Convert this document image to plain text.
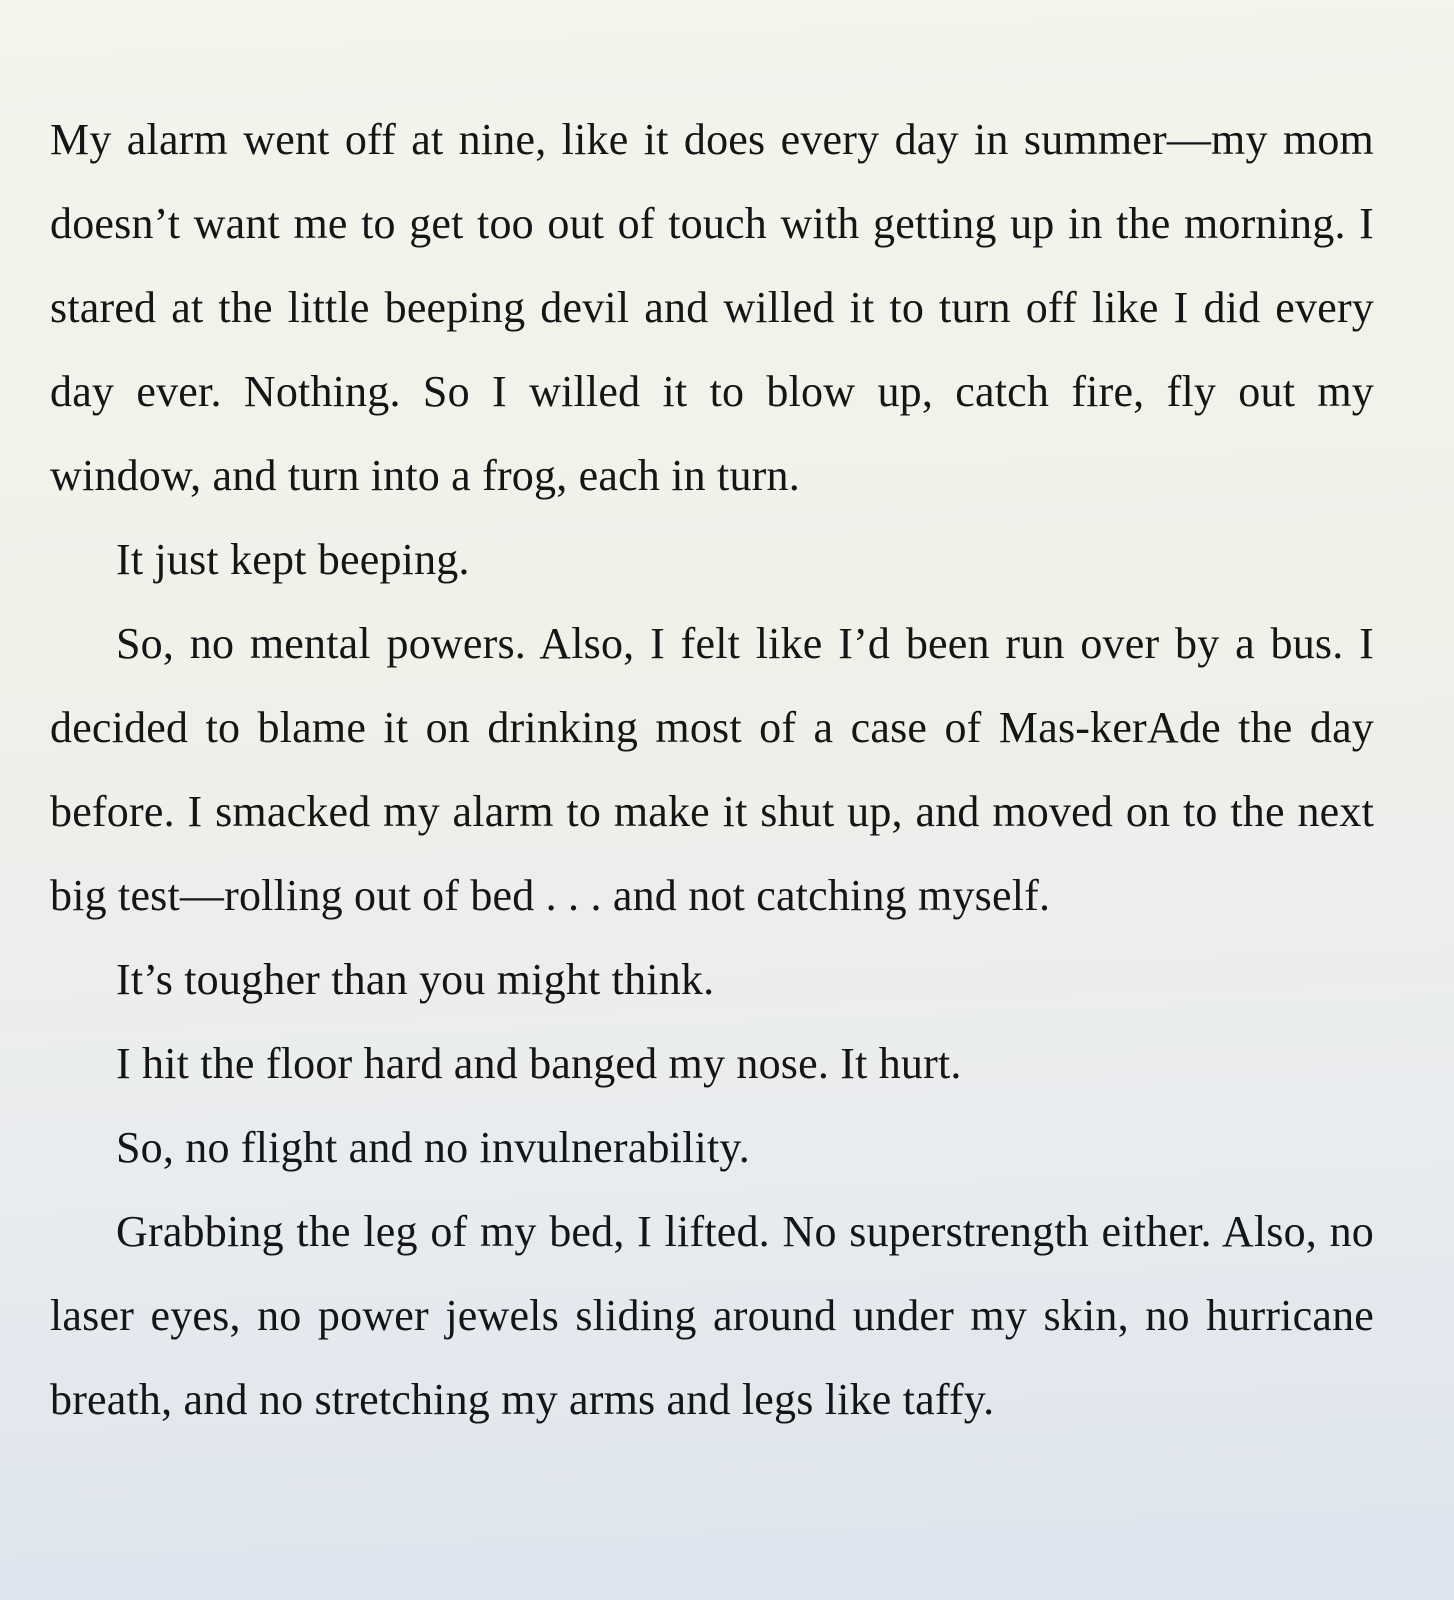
My alarm went off at nine, like it does every day in summer—my mom doesn’t want me to get too out of touch with getting up in the morning. I stared at the little beeping devil and willed it to turn off like I did every day ever. Nothing. So I willed it to blow up, catch fire, fly out my window, and turn into a frog, each in turn.

It just kept beeping.

So, no mental powers. Also, I felt like I’d been run over by a bus. I decided to blame it on drinking most of a case of Mas-kerAde the day before. I smacked my alarm to make it shut up, and moved on to the next big test—rolling out of bed . . . and not catching myself.

It’s tougher than you might think.

I hit the floor hard and banged my nose. It hurt.

So, no flight and no invulnerability.

Grabbing the leg of my bed, I lifted. No superstrength either. Also, no laser eyes, no power jewels sliding around under my skin, no hurricane breath, and no stretching my arms and legs like taffy.
